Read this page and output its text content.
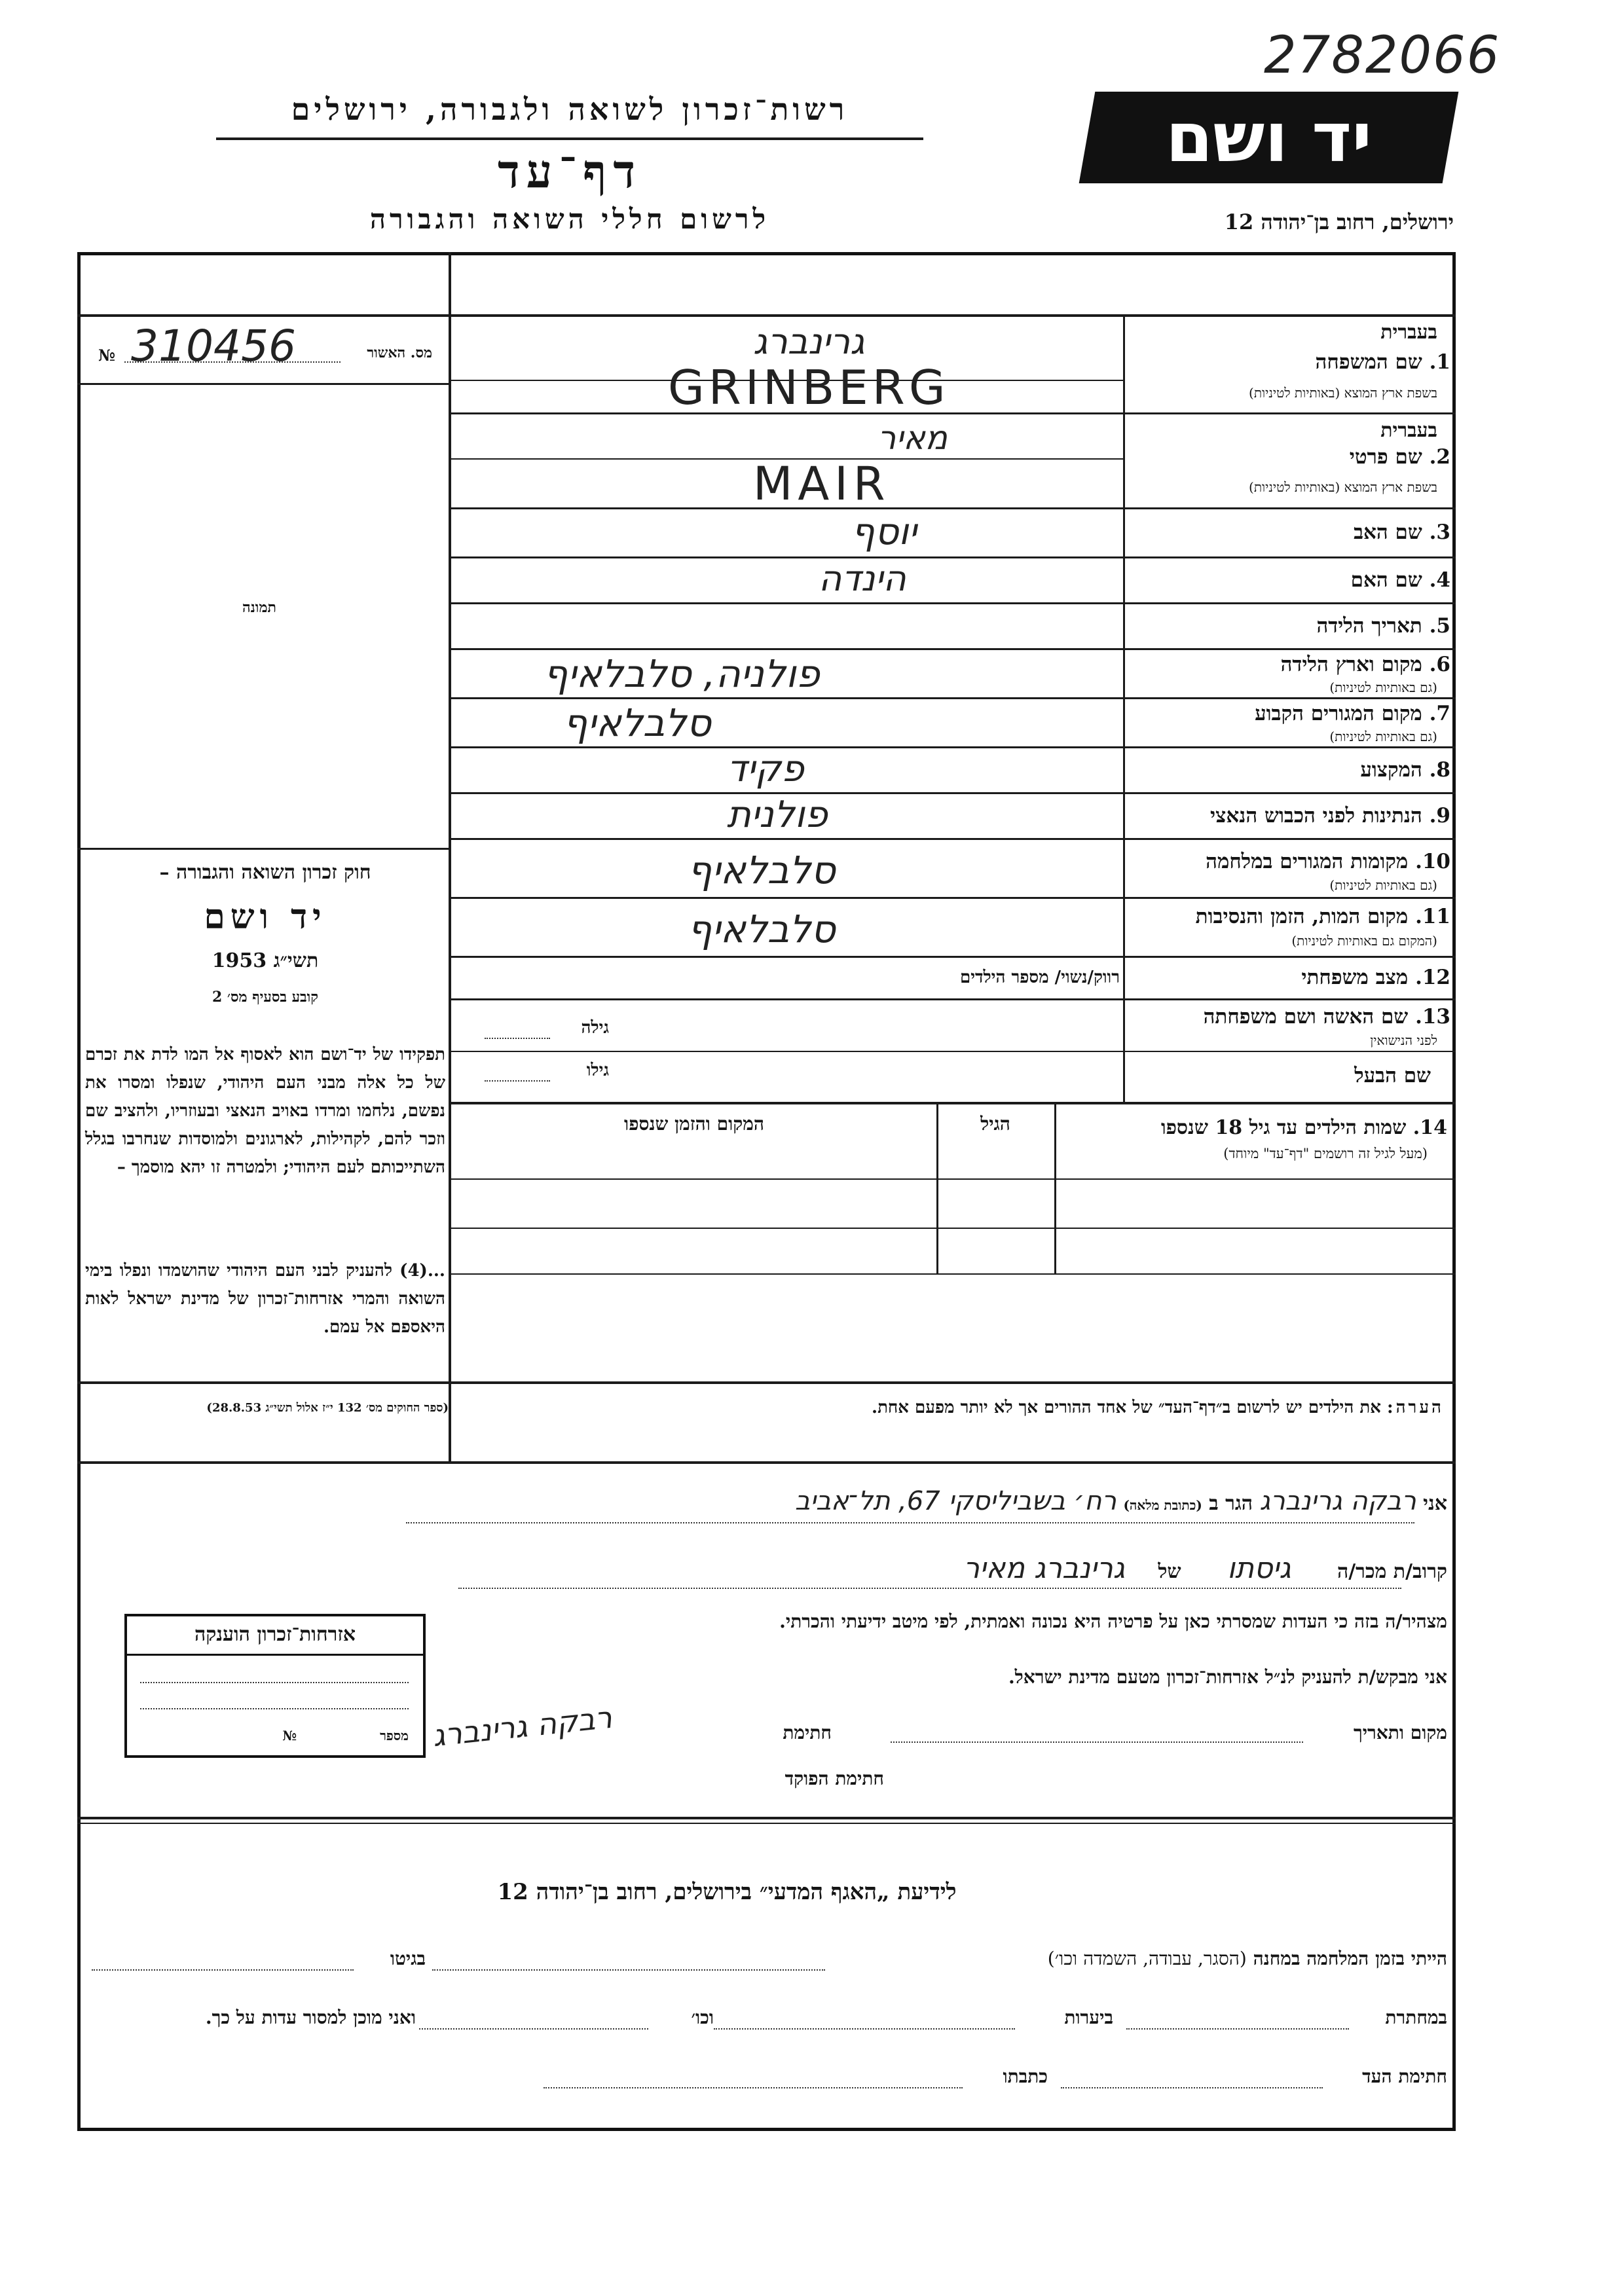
2782066
יד ושם
רשות־זכרון לשואה ולגבורה, ירושלים
דף־עד
לרשום חללי השואה והגבורה	ירושלים, רחוב בן־יהודה 12
№ 310456	מס. האשור
תמונה
חוק זכרון השואה והגבורה –
יד ושם
תשי״ג 1953
קובע בסעיף מס׳ 2
תפקידו של יד־ושם הוא לאסוף אל המו לדת את זכרם של כל אלה מבני העם היהודי, שנפלו ומסרו את נפשם, נלחמו ומרדו באויב הנאצי ובעוזריו, ולהציב שם וזכר להם, לקהילות, לארגונים ולמוסדות שנחרבו בגלל השתייכותם לעם היהודי; ולמטרה זו יהא מוסמך –
...(4) להעניק לבני העם היהודי שהושמדו ונפלו בימי השואה והמרי אזרחות־זכרון של מדינת ישראל לאות היאספם אל עמם.
(ספר החוקים מס׳ 132 י״ז אלול תשי״ג 28.8.53)
גרינברג
GRINBERG
בעברית
1. שם המשפחה
בשפת ארץ המוצא (באותיות לטיניות)
מאיר
MAIR
בעברית
2. שם פרטי
בשפת ארץ המוצא (באותיות לטיניות)
יוסף	3. שם האב
הינדה	4. שם האם
5. תאריך הלידה
פולניה, סלבלאיף	6. מקום וארץ הלידה
(גם באותיות לטיניות)
סלבלאיף	7. מקום המגורים הקבוע
(גם באותיות לטיניות)
פקיד	8. המקצוע
פולנית	9. הנתינות לפני הכבוש הנאצי
סלבלאיף	10. מקומות המגורים במלחמה
(גם באותיות לטיניות)
סלבלאיף	11. מקום המות, הזמן והנסיבות
(המקום גם באותיות לטיניות)
רווק/נשוי/ מספר הילדים	12. מצב משפחתי
גילה	13. שם האשה ושם משפחתה
לפני הנישואין
גילו	שם הבעל
14. שמות הילדים עד גיל 18 שנספו
(מעל לגיל זה רושמים "דף־עד" מיוחד)
הגיל
המקום והזמן שנספו
הערה: את הילדים יש לרשום ב״דף־העד״ של אחד ההורים אך לא יותר מפעם אחת.
אני רבקה גרינברג הגר ב (כתובת מלאה) רח׳ בשביליסקי 67, תל־אביב
קרוב/ת מכר/ה גיסתו של גרינברג מאיר
מצהיר/ה בזה כי העדות שמסרתי כאן על פרטיה היא נכונה ואמתית, לפי מיטב ידיעתי והכרתי.
אני מבקש/ת להעניק לנ״ל אזרחות־זכרון מטעם מדינת ישראל.
מקום ותאריך
חתימת
רבקה גרינברג
חתימת הפוקד
אזרחות־זכרון הוענקה
מספר №
לידיעת „האגף המדעי״ בירושלים, רחוב בן־יהודה 12
הייתי בזמן המלחמה במחנה (הסגר, עבודה, השמדה וכו׳)
בגיטו
במחתרת
ביערות
וכו׳
ואני מוכן למסור עדות על כך.
חתימת העד
כתבתו
